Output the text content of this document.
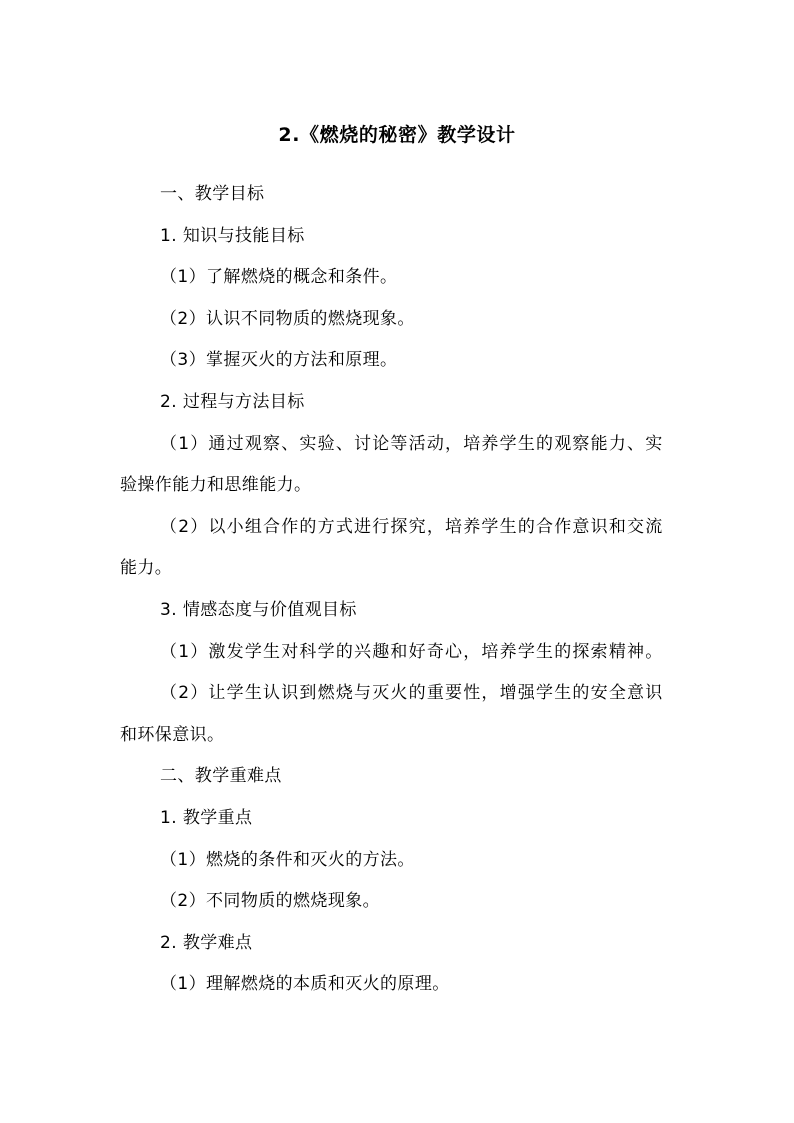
2.《燃烧的秘密》教学设计
一、教学目标
1. 知识与技能目标
（1）了解燃烧的概念和条件。
（2）认识不同物质的燃烧现象。
（3）掌握灭火的方法和原理。
2. 过程与方法目标
（1）通过观察、实验、讨论等活动，培养学生的观察能力、实
验操作能力和思维能力。
（2）以小组合作的方式进行探究，培养学生的合作意识和交流
能力。
3. 情感态度与价值观目标
（1）激发学生对科学的兴趣和好奇心，培养学生的探索精神。
（2）让学生认识到燃烧与灭火的重要性，增强学生的安全意识
和环保意识。
二、教学重难点
1. 教学重点
（1）燃烧的条件和灭火的方法。
（2）不同物质的燃烧现象。
2. 教学难点
（1）理解燃烧的本质和灭火的原理。
